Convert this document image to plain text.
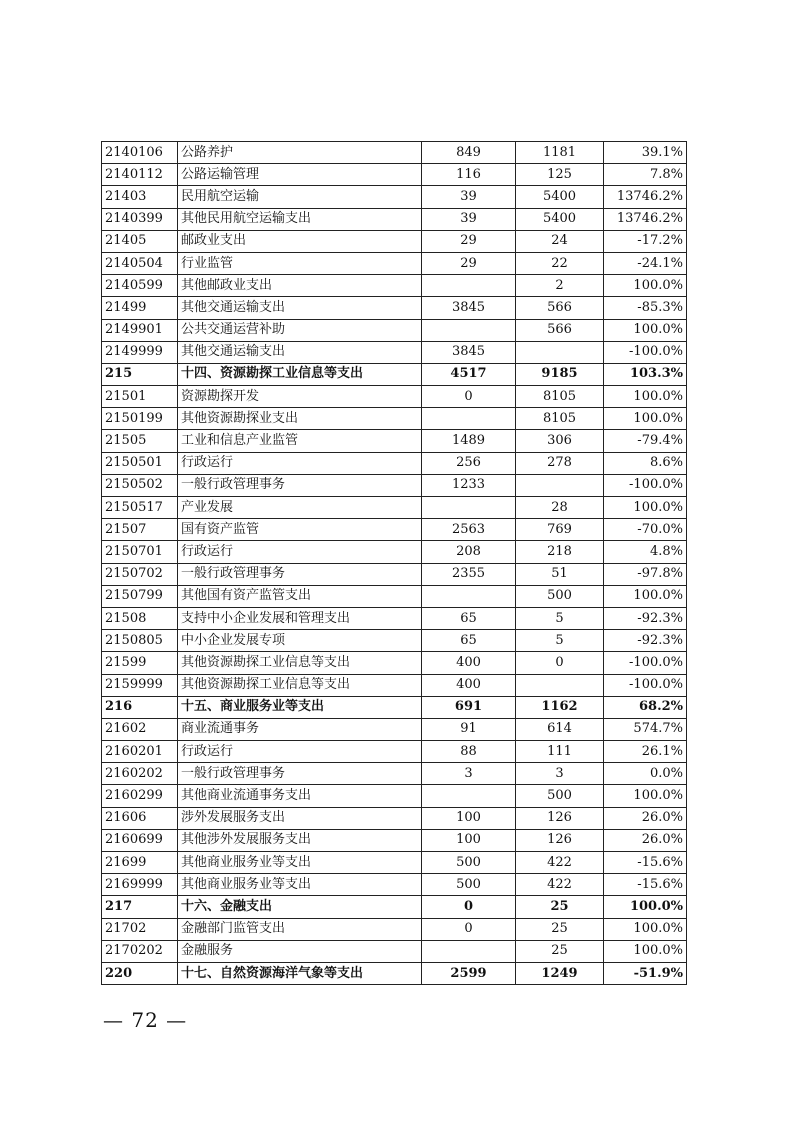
2140106	公路养护	849	1181	39.1%
2140112	公路运输管理	116	125	7.8%
21403	民用航空运输	39	5400	13746.2%
2140399	其他民用航空运输支出	39	5400	13746.2%
21405	邮政业支出	29	24	-17.2%
2140504	行业监管	29	22	-24.1%
2140599	其他邮政业支出		2	100.0%
21499	其他交通运输支出	3845	566	-85.3%
2149901	公共交通运营补助		566	100.0%
2149999	其他交通运输支出	3845		-100.0%
215	十四、资源勘探工业信息等支出	4517	9185	103.3%
21501	资源勘探开发	0	8105	100.0%
2150199	其他资源勘探业支出		8105	100.0%
21505	工业和信息产业监管	1489	306	-79.4%
2150501	行政运行	256	278	8.6%
2150502	一般行政管理事务	1233		-100.0%
2150517	产业发展		28	100.0%
21507	国有资产监管	2563	769	-70.0%
2150701	行政运行	208	218	4.8%
2150702	一般行政管理事务	2355	51	-97.8%
2150799	其他国有资产监管支出		500	100.0%
21508	支持中小企业发展和管理支出	65	5	-92.3%
2150805	中小企业发展专项	65	5	-92.3%
21599	其他资源勘探工业信息等支出	400	0	-100.0%
2159999	其他资源勘探工业信息等支出	400		-100.0%
216	十五、商业服务业等支出	691	1162	68.2%
21602	商业流通事务	91	614	574.7%
2160201	行政运行	88	111	26.1%
2160202	一般行政管理事务	3	3	0.0%
2160299	其他商业流通事务支出		500	100.0%
21606	涉外发展服务支出	100	126	26.0%
2160699	其他涉外发展服务支出	100	126	26.0%
21699	其他商业服务业等支出	500	422	-15.6%
2169999	其他商业服务业等支出	500	422	-15.6%
217	十六、金融支出	0	25	100.0%
21702	金融部门监管支出	0	25	100.0%
2170202	金融服务		25	100.0%
220	十七、自然资源海洋气象等支出	2599	1249	-51.9%
— 72 —
